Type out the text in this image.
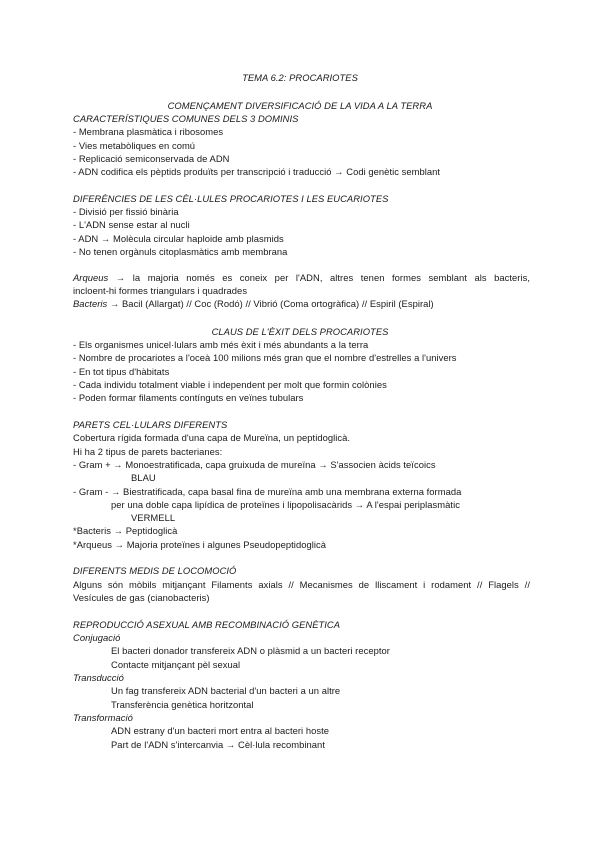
TEMA 6.2: PROCARIOTES
COMENÇAMENT DIVERSIFICACIÓ DE LA VIDA A LA TERRA
CARACTERÍSTIQUES COMUNES DELS 3 DOMINIS
- Membrana plasmàtica i ribosomes
- Vies metabòliques en comú
- Replicació semiconservada de ADN
- ADN codifica els pèptids produïts per transcripció i traducció → Codi genètic semblant
DIFERÈNCIES DE LES CÈL·LULES PROCARIOTES I LES EUCARIOTES
- Divisió per fissió binària
- L'ADN sense estar al nucli
- ADN → Molècula circular haploide amb plasmids
- No tenen orgànuls citoplasmàtics amb membrana
Arqueus → la majoria només es coneix per l'ADN, altres tenen formes semblant als bacteris,
incloent-hi formes triangulars i quadrades
Bacteris → Bacil (Allargat) // Coc (Rodó) // Vibrió (Coma ortogràfica) // Espiril (Espiral)
CLAUS DE L'ÈXIT DELS PROCARIOTES
- Els organismes unicel·lulars amb més èxit i més abundants a la terra
- Nombre de procariotes a l'oceà 100 milions més gran que el nombre d'estrelles a l'univers
- En tot tipus d'hàbitats
- Cada individu totalment viable i independent per molt que formin colònies
- Poden formar filaments contínguts en veïnes tubulars
PARETS CEL·LULARS DIFERENTS
Cobertura rígida formada d'una capa de Mureïna, un peptidoglicà.
Hi ha 2 tipus de parets bacterianes:
- Gram + → Monoestratificada, capa gruixuda de mureïna → S'associen àcids teïcoics
BLAU
- Gram - → Biestratificada, capa basal fina de mureïna amb una membrana externa formada
per una doble capa lipídica de proteïnes i lipopolisacàrids → A l'espai periplasmàtic
VERMELL
*Bacteris → Peptidoglicà
*Arqueus → Majoria proteïnes i algunes Pseudopeptidoglicà
DIFERENTS MEDIS DE LOCOMOCIÓ
Alguns són mòbils mitjançant Filaments axials // Mecanismes de lliscament i rodament // Flagels //
Vesícules de gas (cianobacteris)
REPRODUCCIÓ ASEXUAL AMB RECOMBINACIÓ GENÈTICA
Conjugació
El bacteri donador transfereix ADN o plàsmid a un bacteri receptor
Contacte mitjançant pèl sexual
Transducció
Un fag transfereix ADN bacterial d'un bacteri a un altre
Transferència genètica horitzontal
Transformació
ADN estrany d'un bacteri mort entra al bacteri hoste
Part de l'ADN s'intercanvia → Cèl·lula recombinant
